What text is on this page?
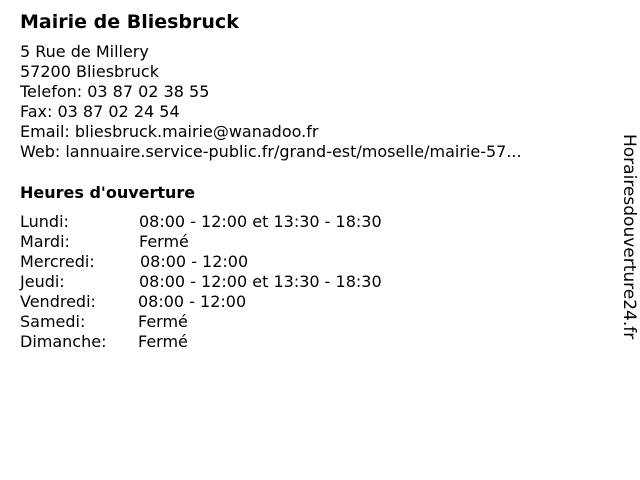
Mairie de Bliesbruck
5 Rue de Millery
57200 Bliesbruck
Telefon: 03 87 02 38 55
Fax: 03 87 02 24 54
Email: bliesbruck.mairie@wanadoo.fr
Web: lannuaire.service-public.fr/grand-est/moselle/mairie-57...
Heures d'ouverture
Lundi:	08:00 - 12:00 et 13:30 - 18:30
Mardi:	Fermé
Mercredi:	08:00 - 12:00
Jeudi:	08:00 - 12:00 et 13:30 - 18:30
Vendredi:	08:00 - 12:00
Samedi:	Fermé
Dimanche: Fermé
Horairesdouverture24.fr
